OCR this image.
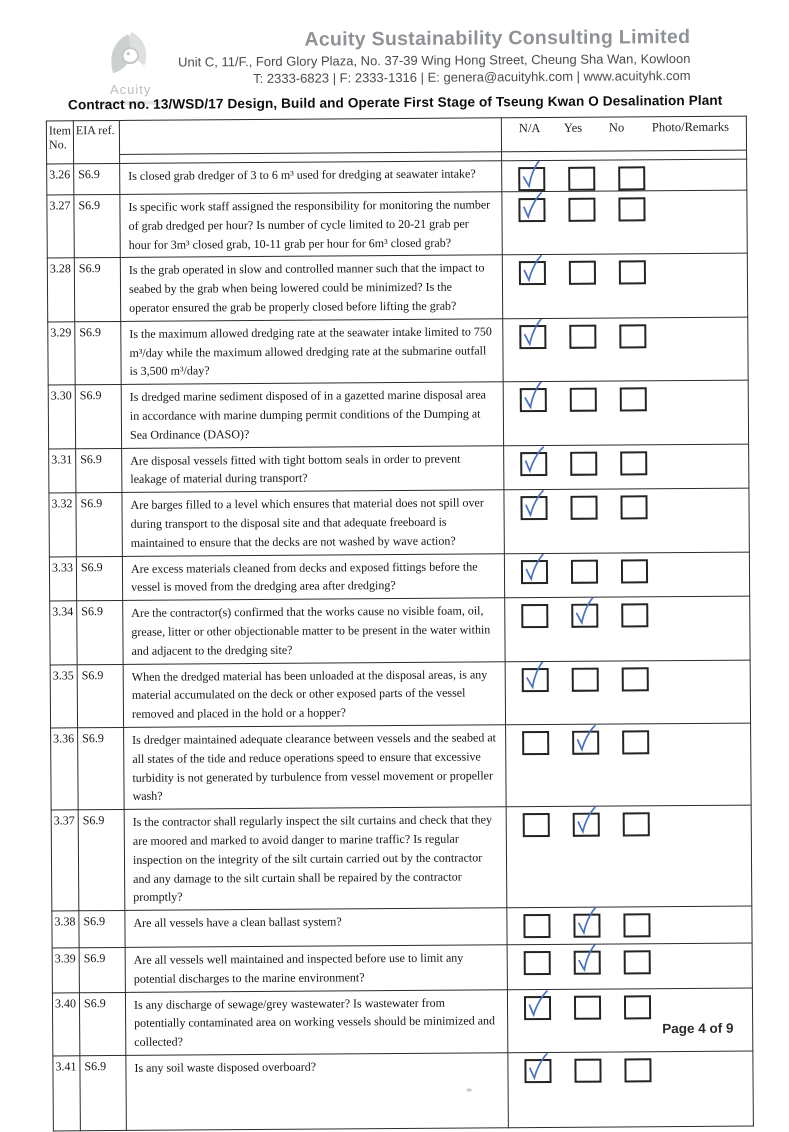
Acuity
Acuity Sustainability Consulting Limited
Unit C, 11/F., Ford Glory Plaza, No. 37-39 Wing Hong Street, Cheung Sha Wan, Kowloon
T: 2333-6823 | F: 2333-1316 | E: genera@acuityhk.com | www.acuityhk.com
Contract no. 13/WSD/17 Design, Build and Operate First Stage of Tseung Kwan O Desalination Plant
Item No.	EIA ref.		N/A Yes No Photo/Remarks

3.26	S6.9	Is closed grab dredger of 3 to 6 m³ used for dredging at seawater intake?	

3.27	S6.9	Is specific work staff assigned the responsibility for monitoring the number of grab dredged per hour? Is number of cycle limited to 20-21 grab per hour for 3m³ closed grab, 10-11 grab per hour for 6m³ closed grab?	

3.28	S6.9	Is the grab operated in slow and controlled manner such that the impact to seabed by the grab when being lowered could be minimized? Is the operator ensured the grab be properly closed before lifting the grab?	

3.29	S6.9	Is the maximum allowed dredging rate at the seawater intake limited to 750 m³/day while the maximum allowed dredging rate at the submarine outfall is 3,500 m³/day?	

3.30	S6.9	Is dredged marine sediment disposed of in a gazetted marine disposal area in accordance with marine dumping permit conditions of the Dumping at Sea Ordinance (DASO)?	

3.31	S6.9	Are disposal vessels fitted with tight bottom seals in order to prevent leakage of material during transport?	

3.32	S6.9	Are barges filled to a level which ensures that material does not spill over during transport to the disposal site and that adequate freeboard is maintained to ensure that the decks are not washed by wave action?	

3.33	S6.9	Are excess materials cleaned from decks and exposed fittings before the vessel is moved from the dredging area after dredging?	

3.34	S6.9	Are the contractor(s) confirmed that the works cause no visible foam, oil, grease, litter or other objectionable matter to be present in the water within and adjacent to the dredging site?	

3.35	S6.9	When the dredged material has been unloaded at the disposal areas, is any material accumulated on the deck or other exposed parts of the vessel removed and placed in the hold or a hopper?	

3.36	S6.9	Is dredger maintained adequate clearance between vessels and the seabed at all states of the tide and reduce operations speed to ensure that excessive turbidity is not generated by turbulence from vessel movement or propeller wash?	

3.37	S6.9	Is the contractor shall regularly inspect the silt curtains and check that they are moored and marked to avoid danger to marine traffic? Is regular inspection on the integrity of the silt curtain carried out by the contractor and any damage to the silt curtain shall be repaired by the contractor promptly?	

3.38	S6.9	Are all vessels have a clean ballast system?	

3.39	S6.9	Are all vessels well maintained and inspected before use to limit any potential discharges to the marine environment?	

3.40	S6.9	Is any discharge of sewage/grey wastewater? Is wastewater from potentially contaminated area on working vessels should be minimized and collected?	

3.41	S6.9	Is any soil waste disposed overboard?	
Page 4 of 9
